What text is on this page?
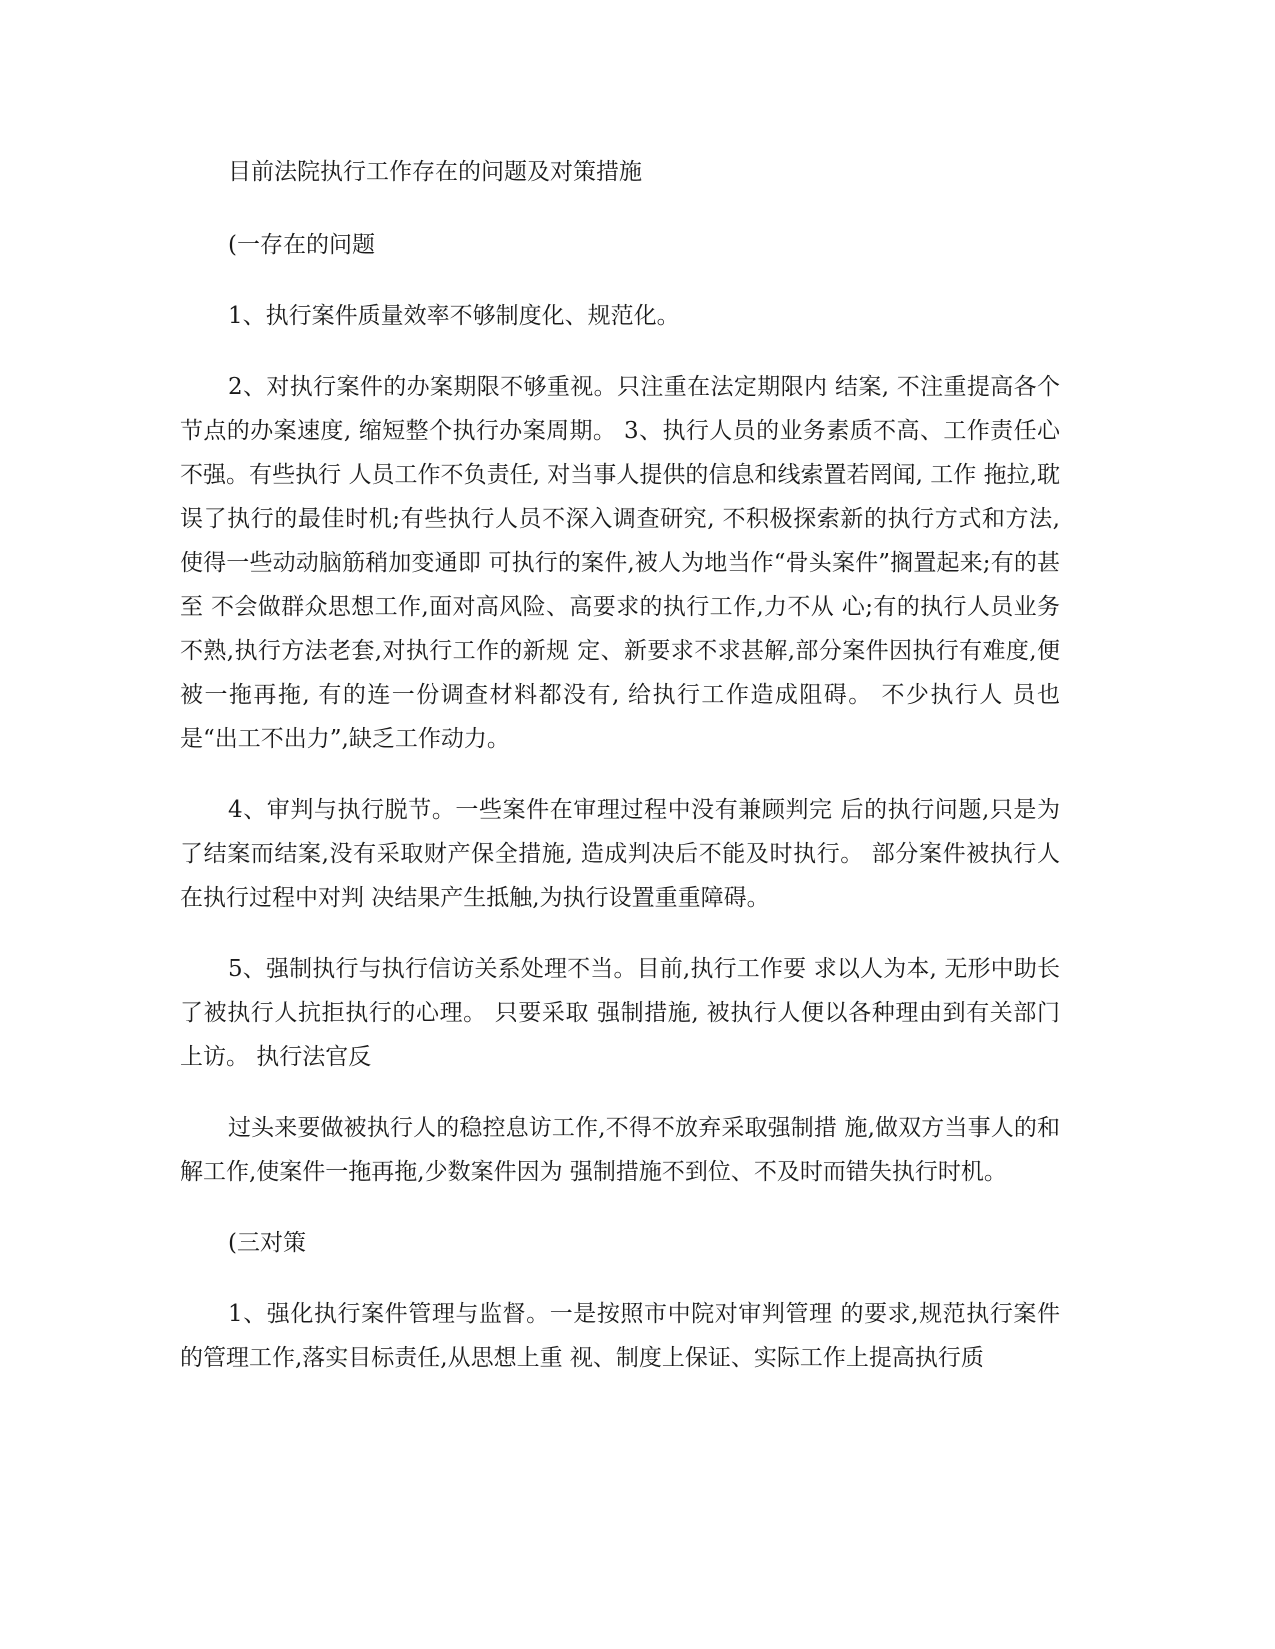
目前法院执行工作存在的问题及对策措施

(一存在的问题

1、执行案件质量效率不够制度化、规范化。

2、对执行案件的办案期限不够重视。只注重在法定期限内 结案, 不注重提高各个节点的办案速度, 缩短整个执行办案周期。 3、执行人员的业务素质不高、工作责任心不强。有些执行 人员工作不负责任, 对当事人提供的信息和线索置若罔闻, 工作 拖拉,耽误了执行的最佳时机;有些执行人员不深入调查研究, 不积极探索新的执行方式和方法, 使得一些动动脑筋稍加变通即 可执行的案件,被人为地当作“骨头案件”搁置起来;有的甚至 不会做群众思想工作,面对高风险、高要求的执行工作,力不从 心;有的执行人员业务不熟,执行方法老套,对执行工作的新规 定、新要求不求甚解,部分案件因执行有难度,便被一拖再拖, 有的连一份调查材料都没有, 给执行工作造成阻碍。 不少执行人 员也是“出工不出力”,缺乏工作动力。

4、审判与执行脱节。一些案件在审理过程中没有兼顾判完 后的执行问题,只是为了结案而结案,没有采取财产保全措施, 造成判决后不能及时执行。 部分案件被执行人在执行过程中对判 决结果产生抵触,为执行设置重重障碍。

5、强制执行与执行信访关系处理不当。目前,执行工作要 求以人为本, 无形中助长了被执行人抗拒执行的心理。 只要采取 强制措施, 被执行人便以各种理由到有关部门上访。 执行法官反

过头来要做被执行人的稳控息访工作,不得不放弃采取强制措 施,做双方当事人的和解工作,使案件一拖再拖,少数案件因为 强制措施不到位、不及时而错失执行时机。

(三对策

1、强化执行案件管理与监督。一是按照市中院对审判管理 的要求,规范执行案件的管理工作,落实目标责任,从思想上重 视、制度上保证、实际工作上提高执行质
